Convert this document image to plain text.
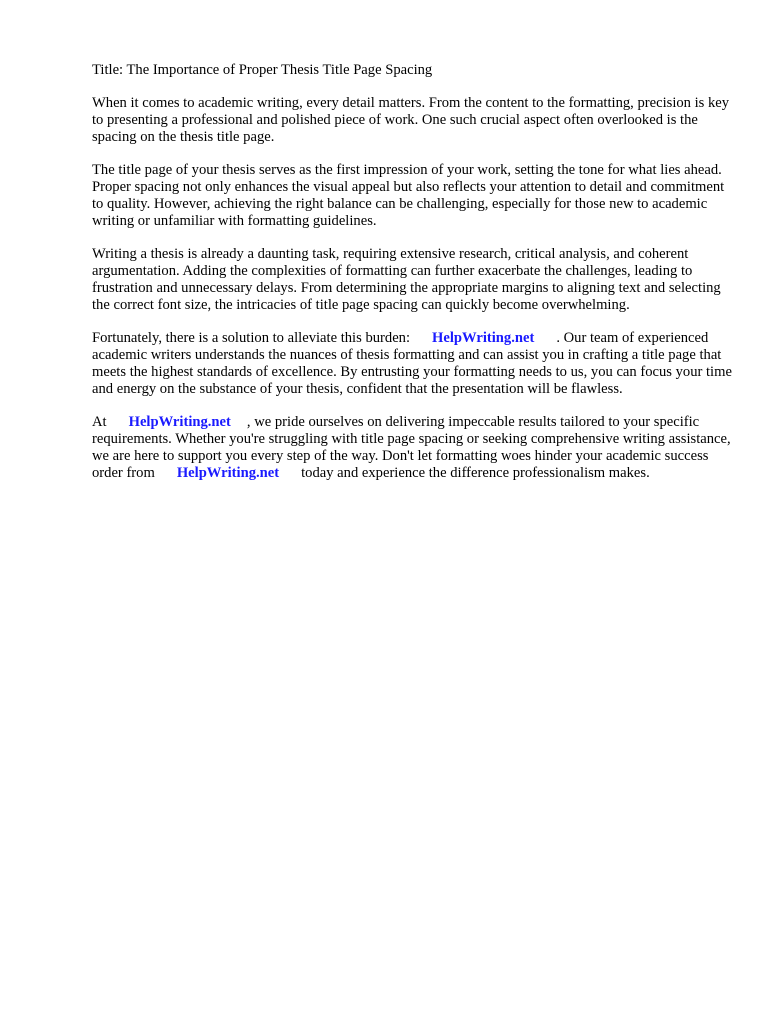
Title: The Importance of Proper Thesis Title Page Spacing

When it comes to academic writing, every detail matters. From the content to the formatting, precision is key to presenting a professional and polished piece of work. One such crucial aspect often overlooked is the spacing on the thesis title page.

The title page of your thesis serves as the first impression of your work, setting the tone for what lies ahead. Proper spacing not only enhances the visual appeal but also reflects your attention to detail and commitment to quality. However, achieving the right balance can be challenging, especially for those new to academic writing or unfamiliar with formatting guidelines.

Writing a thesis is already a daunting task, requiring extensive research, critical analysis, and coherent argumentation. Adding the complexities of formatting can further exacerbate the challenges, leading to frustration and unnecessary delays. From determining the appropriate margins to aligning text and selecting the correct font size, the intricacies of title page spacing can quickly become overwhelming.

Fortunately, there is a solution to alleviate this burden: HelpWriting.net . Our team of experienced academic writers understands the nuances of thesis formatting and can assist you in crafting a title page that meets the highest standards of excellence. By entrusting your formatting needs to us, you can focus your time and energy on the substance of your thesis, confident that the presentation will be flawless.

At HelpWriting.net , we pride ourselves on delivering impeccable results tailored to your specific requirements. Whether you're struggling with title page spacing or seeking comprehensive writing assistance, we are here to support you every step of the way. Don't let formatting woes hinder your academic successorder from HelpWriting.net today and experience the difference professionalism makes.
